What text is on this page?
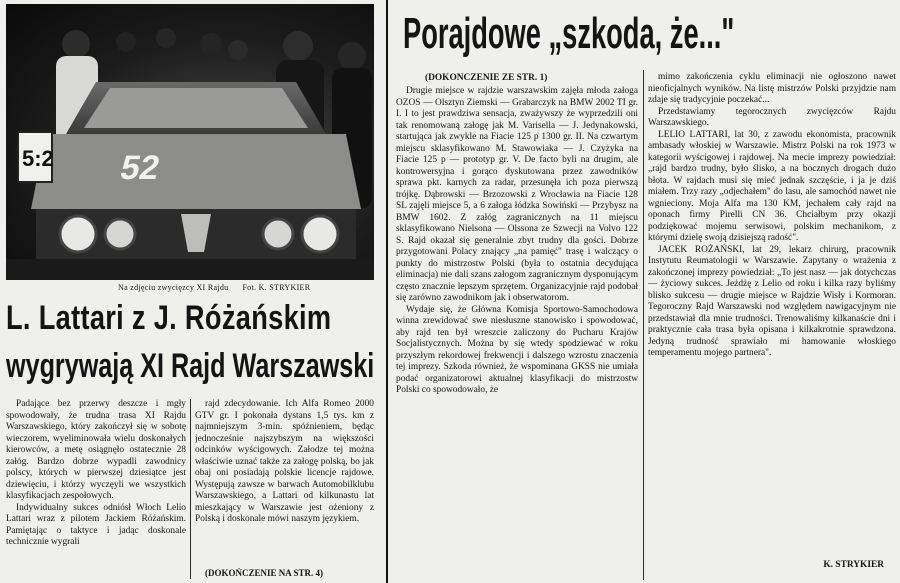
52
5:2
Na zdjęciu zwycięzcy XI Rajdu Fot. K. STRYKIER
L. Lattari z J. Różańskim
wygrywają XI Rajd Warszawski

Padające bez przerwy deszcze i mgły spowodowały, że trudna trasa XI Rajdu Warszawskiego, który zakończył się w sobotę wieczorem, wyeliminowała wielu doskonałych kierowców, a metę osiągnęło ostatecznie 28 załóg. Bardzo dobrze wypadli zawodnicy polscy, których w pierwszej dziesiątce jest dziewięciu, i którzy wyczęyli we wszystkich klasyfikacjach zespołowych.

Indywidualny sukces odniósł Włoch Lelio Lattari wraz z pilotem Jackiem Różańskim. Pamiętając o taktyce i jadąc doskonale technicznie wygrali

rajd zdecydowanie. Ich Alfa Romeo 2000 GTV gr. I pokonała dystans 1,5 tys. km z najmniejszym 3-min. spóźnieniem, będąc jednocześnie najszybszym na większości odcinków wyścigowych. Załodze tej można właściwie uznać także za załogę polską, bo jak obaj oni posiadają polskie licencje rajdowe. Występują zawsze w barwach Automobilklubu Warszawskiego, a Lattari od kilkunastu lat mieszkający w Warszawie jest ożeniony z Polską i doskonale mówi naszym językiem.

(DOKOŃCZENIE NA STR. 4)
Porajdowe „szkoda, że..."
(DOKOŃCZENIE ZE STR. 1)

Drugie miejsce w rajdzie warszawskim zajęła młoda załoga OZOS — Olsztyn Ziemski — Grabarczyk na BMW 2002 TI gr. I. I to jest prawdziwa sensacja, zważywszy że wyprzedzili oni tak renomowaną załogę jak M. Varisella — J. Jedynakowski, startująca jak zwykle na Fiacie 125 p 1300 gr. II. Na czwartym miejscu sklasyfikowano M. Stawowiaka — J. Czyżyka na Fiacie 125 p — prototyp gr. V. De facto byli na drugim, ale kontrowersyjna i gorąco dyskutowana przez zawodników sprawa pkt. karnych za radar, przesunęła ich poza pierwszą trójkę. Dąbrowski — Brzozowski z Wrocławia na Fiacie 128 SL zajęli miejsce 5, a 6 załoga łódzka Sowiński — Przybysz na BMW 1602. Z załóg zagranicznych na 11 miejscu sklasyfikowano Nielsona — Olssona ze Szwecji na Volvo 122 S. Rajd okazał się generalnie zbyt trudny dla gości. Dobrze przygotowani Polacy znający „na pamięć" trasę i walczący o punkty do mistrzostw Polski (była to ostatnia decydująca eliminacja) nie dali szans załogom zagranicznym dysponującym często znacznie lepszym sprzętem. Organizacyjnie rajd podobał się zarówno zawodnikom jak i obserwatorom.

Wydaje się, że Główna Komisja Sportowo-Samochodowa winna zrewidować swe niesłuszne stanowisko i spowodować, aby rajd ten był wreszcie zaliczony do Pucharu Krajów Socjalistycznych. Można by się wtedy spodziewać w roku przyszłym rekordowej frekwencji i dalszego wzrostu znaczenia tej imprezy. Szkoda również, że wspominana GKSS nie umiała podać organizatorowi aktualnej klasyfikacji do mistrzostw Polski co spowodowało, że

mimo zakończenia cyklu eliminacji nie ogłoszono nawet nieoficjalnych wyników. Na listę mistrzów Polski przyjdzie nam zdaje się tradycyjnie poczekać...

Przedstawiamy tegorocznych zwycięzców Rajdu Warszawskiego.

LELIO LATTARI, lat 30, z zawodu ekonomista, pracownik ambasady włoskiej w Warszawie. Mistrz Polski na rok 1973 w kategorii wyścigowej i rajdowej. Na mecie imprezy powiedział: „rajd bardzo trudny, było ślisko, a na bocznych drogach dużo błota. W rajdach musi się mieć jednak szczęście, i ja je dziś miałem. Trzy razy „odjechałem" do lasu, ale samochód nawet nie wgnieciony. Moja Alfa ma 130 KM, jechałem cały rajd na oponach firmy Pirelli CN 36. Chciałbym przy okazji podziękować mojemu serwisowi, polskim mechanikom, z którymi dzielę swoją dzisiejszą radość".

JACEK ROŻAŃSKI, lat 29, lekarz chirurg, pracownik Instytutu Reumatologii w Warszawie. Zapytany o wrażenia z zakończonej imprezy powiedział: „To jest nasz — jak dotychczas — życiowy sukces. Jeżdżę z Lelio od roku i kilka razy byliśmy blisko sukcesu — drugie miejsce w Rajdzie Wisły i Kormoran. Tegoroczny Rajd Warszawski nod względem nawigacyjnym nie przedstawiał dla mnie trudności. Trenowaliśmy kilkanaście dni i praktycznie cała trasa była opisana i kilkakrotnie sprawdzona. Jedyną trudność sprawiało mi hamowanie włoskiego temperamentu mojego partnera".

K. STRYKIER
